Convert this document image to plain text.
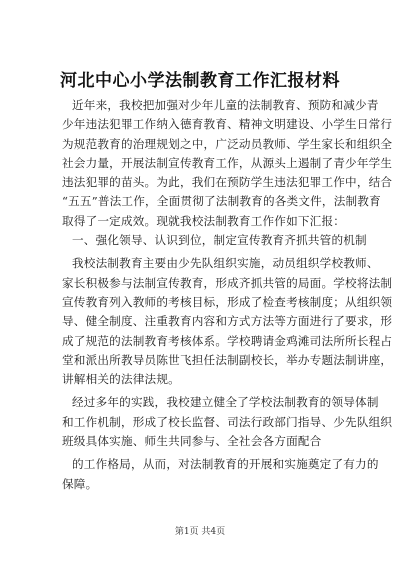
河北中心小学法制教育工作汇报材料
近年来，我校把加强对少年儿童的法制教育、预防和减少青
少年违法犯罪工作纳入德育教育、精神文明建设、小学生日常行
为规范教育的治理规划之中，广泛动员教师、学生家长和组织全
社会力量，开展法制宣传教育工作，从源头上遏制了青少年学生
违法犯罪的苗头。为此，我们在预防学生违法犯罪工作中，结合
“五五”普法工作，全面贯彻了法制教育的各类文件，法制教育
取得了一定成效。现就我校法制教育工作作如下汇报：
一、强化领导、认识到位，制定宣传教育齐抓共管的机制
我校法制教育主要由少先队组织实施，动员组织学校教师、
家长积极参与法制宣传教育，形成齐抓共管的局面。学校将法制
宣传教育列入教师的考核目标，形成了检查考核制度；从组织领
导、健全制度、注重教育内容和方式方法等方面进行了要求，形
成了规范的法制教育考核体系。学校聘请金鸡滩司法所所长程占
堂和派出所教导员陈世飞担任法制副校长，举办专题法制讲座，
讲解相关的法律法规。
经过多年的实践，我校建立健全了学校法制教育的领导体制
和工作机制，形成了校长监督、司法行政部门指导、少先队组织
班级具体实施、师生共同参与、全社会各方面配合
的工作格局，从而，对法制教育的开展和实施奠定了有力的
保障。
第1页 共4页
